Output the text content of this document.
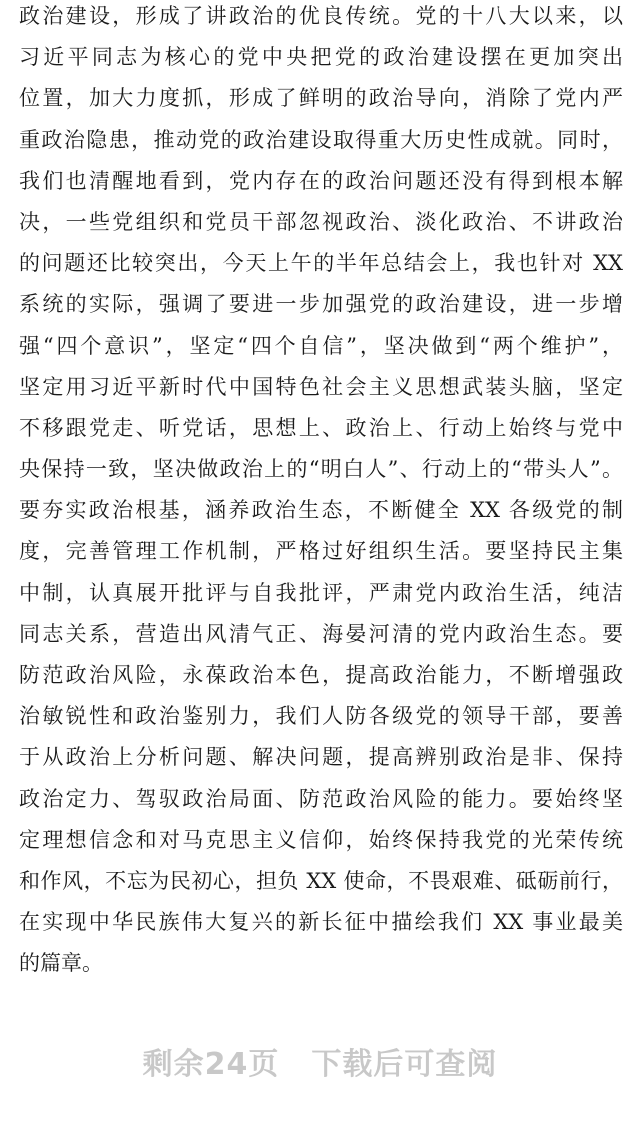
政治建设，形成了讲政治的优良传统。党的十八大以来，以
习近平同志为核心的党中央把党的政治建设摆在更加突出
位置，加大力度抓，形成了鲜明的政治导向，消除了党内严
重政治隐患，推动党的政治建设取得重大历史性成就。同时，
我们也清醒地看到，党内存在的政治问题还没有得到根本解
决，一些党组织和党员干部忽视政治、淡化政治、不讲政治
的问题还比较突出，今天上午的半年总结会上，我也针对 XX
系统的实际，强调了要进一步加强党的政治建设，进一步增
强“四个意识”，坚定“四个自信”，坚决做到“两个维护”，
坚定用习近平新时代中国特色社会主义思想武装头脑，坚定
不移跟党走、听党话，思想上、政治上、行动上始终与党中
央保持一致，坚决做政治上的“明白人”、行动上的“带头人”。
要夯实政治根基，涵养政治生态，不断健全 XX 各级党的制
度，完善管理工作机制，严格过好组织生活。要坚持民主集
中制，认真展开批评与自我批评，严肃党内政治生活，纯洁
同志关系，营造出风清气正、海晏河清的党内政治生态。要
防范政治风险，永葆政治本色，提高政治能力，不断增强政
治敏锐性和政治鉴别力，我们人防各级党的领导干部，要善
于从政治上分析问题、解决问题，提高辨别政治是非、保持
政治定力、驾驭政治局面、防范政治风险的能力。要始终坚
定理想信念和对马克思主义信仰，始终保持我党的光荣传统
和作风，不忘为民初心，担负 XX 使命，不畏艰难、砥砺前行，
在实现中华民族伟大复兴的新长征中描绘我们 XX 事业最美
的篇章。
剩余24页 下载后可查阅
